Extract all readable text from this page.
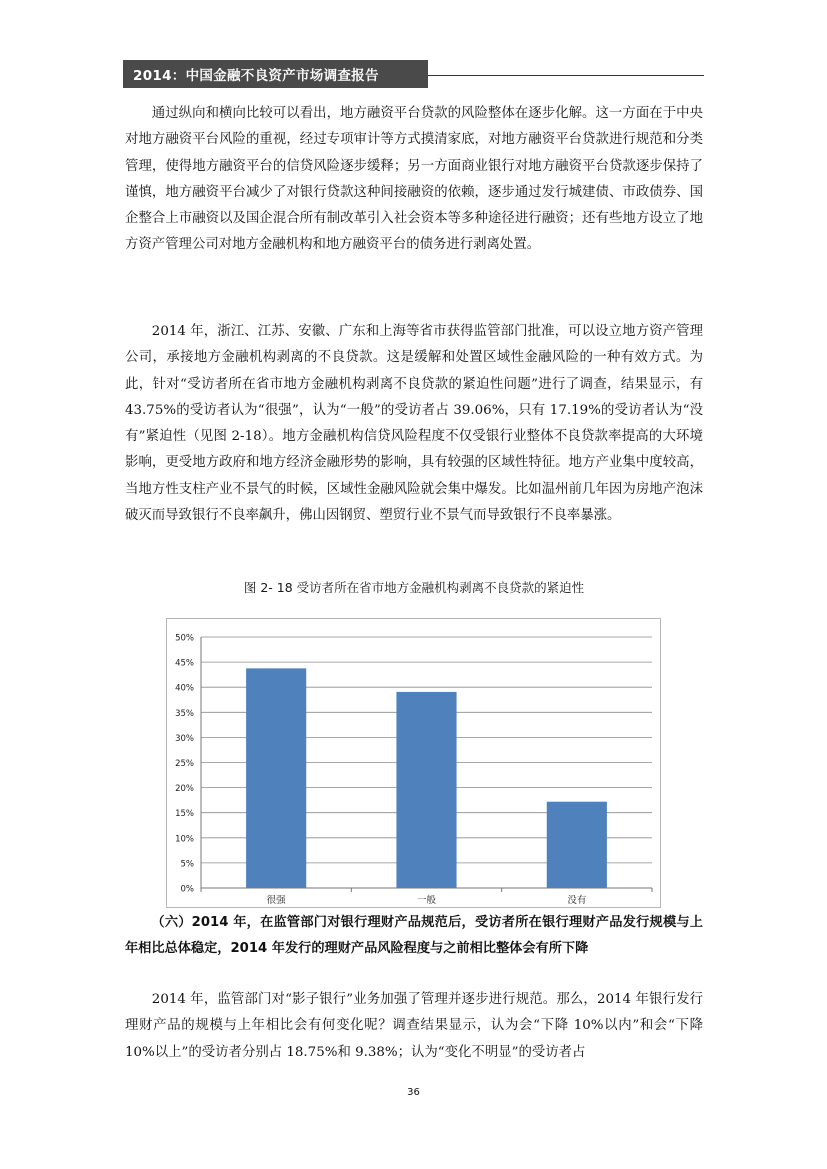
2014：中国金融不良资产市场调查报告

通过纵向和横向比较可以看出，地方融资平台贷款的风险整体在逐步化解。这一方面在于中央对地方融资平台风险的重视，经过专项审计等方式摸清家底，对地方融资平台贷款进行规范和分类管理，使得地方融资平台的信贷风险逐步缓释；另一方面商业银行对地方融资平台贷款逐步保持了谨慎，地方融资平台减少了对银行贷款这种间接融资的依赖，逐步通过发行城建债、市政债券、国企整合上市融资以及国企混合所有制改革引入社会资本等多种途径进行融资；还有些地方设立了地方资产管理公司对地方金融机构和地方融资平台的债务进行剥离处置。

2014 年，浙江、江苏、安徽、广东和上海等省市获得监管部门批准，可以设立地方资产管理公司，承接地方金融机构剥离的不良贷款。这是缓解和处置区域性金融风险的一种有效方式。为此，针对“受访者所在省市地方金融机构剥离不良贷款的紧迫性问题”进行了调查，结果显示，有 43.75%的受访者认为“很强”，认为“一般”的受访者占 39.06%，只有 17.19%的受访者认为“没有”紧迫性（见图 2-18）。地方金融机构信贷风险程度不仅受银行业整体不良贷款率提高的大环境影响，更受地方政府和地方经济金融形势的影响，具有较强的区域性特征。地方产业集中度较高，当地方性支柱产业不景气的时候，区域性金融风险就会集中爆发。比如温州前几年因为房地产泡沫破灭而导致银行不良率飙升，佛山因钢贸、塑贸行业不景气而导致银行不良率暴涨。

图 2- 18 受访者所在省市地方金融机构剥离不良贷款的紧迫性
0%
5%
10%
15%
20%
25%
30%
35%
40%
45%
50%
很强	一般	没有

（六）2014 年，在监管部门对银行理财产品规范后，受访者所在银行理财产品发行规模与上年相比总体稳定，2014 年发行的理财产品风险程度与之前相比整体会有所下降

2014 年，监管部门对“影子银行”业务加强了管理并逐步进行规范。那么，2014 年银行发行理财产品的规模与上年相比会有何变化呢？调查结果显示，认为会“下降 10%以内”和会“下降 10%以上”的受访者分别占 18.75%和 9.38%；认为“变化不明显”的受访者占

36
